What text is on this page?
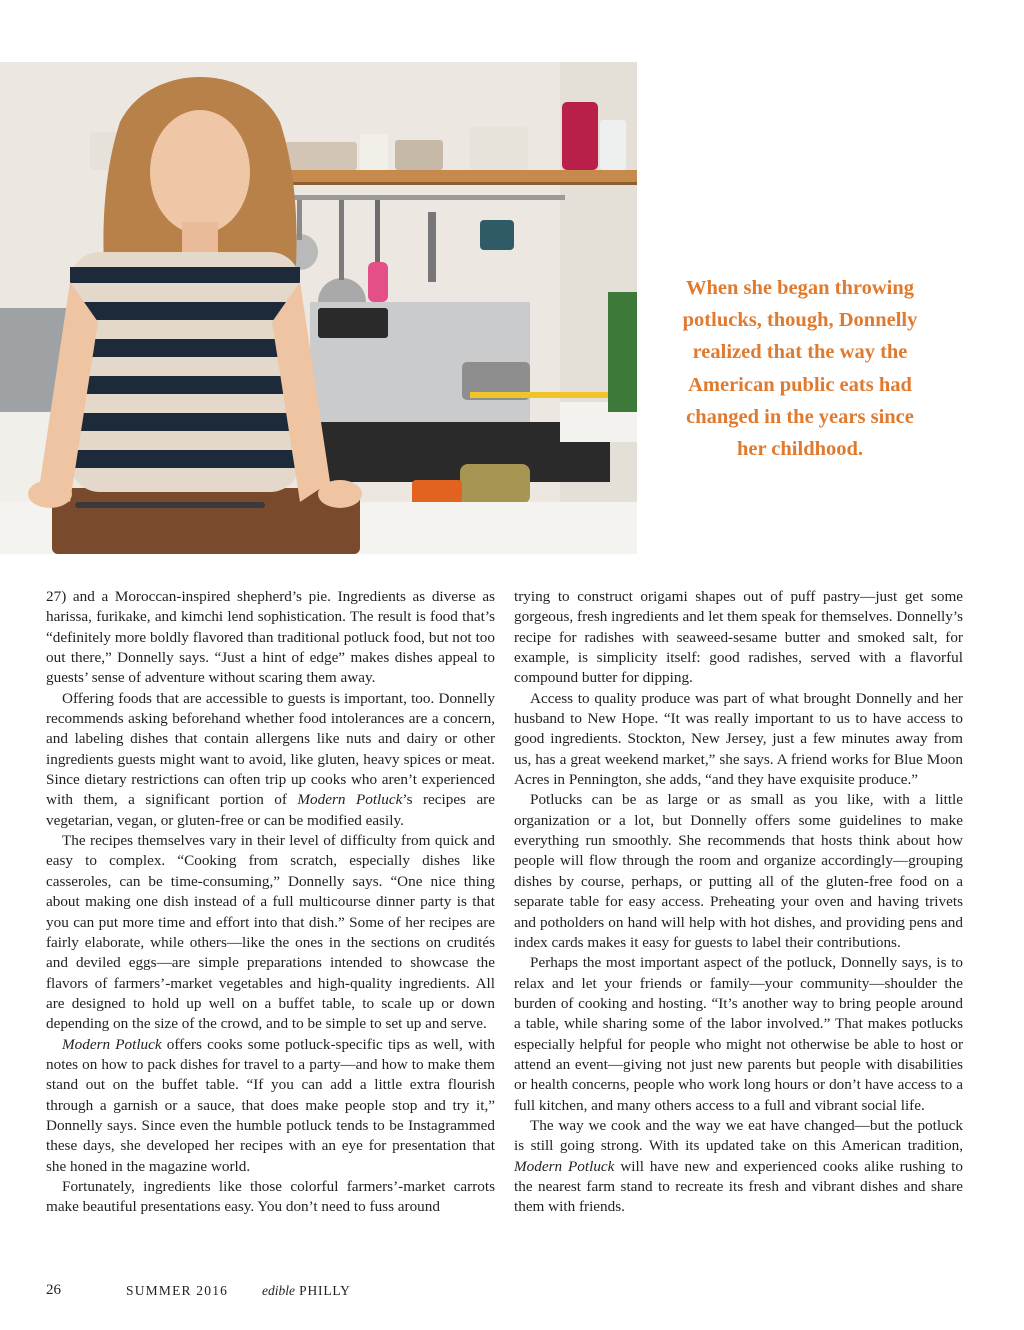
When she began throwing
potlucks, though, Donnelly
realized that the way the
American public eats had
changed in the years since
her childhood.

27) and a Moroccan-inspired shepherd’s pie. Ingredients as diverse as harissa, furikake, and kimchi lend sophistication. The result is food that’s “definitely more boldly flavored than traditional potluck food, but not too out there,” Donnelly says. “Just a hint of edge” makes dishes appeal to guests’ sense of adventure without scaring them away.

Offering foods that are accessible to guests is important, too. Donnelly recommends asking beforehand whether food intolerances are a concern, and labeling dishes that contain allergens like nuts and dairy or other ingredients guests might want to avoid, like gluten, heavy spices or meat. Since dietary restrictions can often trip up cooks who aren’t experienced with them, a significant portion of Modern Potluck’s recipes are vegetarian, vegan, or gluten-free or can be modified easily.

The recipes themselves vary in their level of difficulty from quick and easy to complex. “Cooking from scratch, especially dishes like casseroles, can be time-consuming,” Donnelly says. “One nice thing about making one dish instead of a full multicourse dinner party is that you can put more time and effort into that dish.” Some of her recipes are fairly elaborate, while others—like the ones in the sections on crudités and deviled eggs—are simple preparations intended to showcase the flavors of farmers’-market vegetables and high-quality ingredients. All are designed to hold up well on a buffet table, to scale up or down depending on the size of the crowd, and to be simple to set up and serve.

Modern Potluck offers cooks some potluck-specific tips as well, with notes on how to pack dishes for travel to a party—and how to make them stand out on the buffet table. “If you can add a little extra flourish through a garnish or a sauce, that does make people stop and try it,” Donnelly says. Since even the humble potluck tends to be Instagrammed these days, she developed her recipes with an eye for presentation that she honed in the magazine world.

Fortunately, ingredients like those colorful farmers’-market carrots make beautiful presentations easy. You don’t need to fuss around

trying to construct origami shapes out of puff pastry—just get some gorgeous, fresh ingredients and let them speak for themselves. Donnelly’s recipe for radishes with seaweed-sesame butter and smoked salt, for example, is simplicity itself: good radishes, served with a flavorful compound butter for dipping.

Access to quality produce was part of what brought Donnelly and her husband to New Hope. “It was really important to us to have access to good ingredients. Stockton, New Jersey, just a few minutes away from us, has a great weekend market,” she says. A friend works for Blue Moon Acres in Pennington, she adds, “and they have exquisite produce.”

Potlucks can be as large or as small as you like, with a little organization or a lot, but Donnelly offers some guidelines to make everything run smoothly. She recommends that hosts think about how people will flow through the room and organize accordingly—grouping dishes by course, perhaps, or putting all of the gluten-free food on a separate table for easy access. Preheating your oven and having trivets and potholders on hand will help with hot dishes, and providing pens and index cards makes it easy for guests to label their contributions.

Perhaps the most important aspect of the potluck, Donnelly says, is to relax and let your friends or family—your community—shoulder the burden of cooking and hosting. “It’s another way to bring people around a table, while sharing some of the labor involved.” That makes potlucks especially helpful for people who might not otherwise be able to host or attend an event—giving not just new parents but people with disabilities or health concerns, people who work long hours or don’t have access to a full kitchen, and many others access to a full and vibrant social life.

The way we cook and the way we eat have changed—but the potluck is still going strong. With its updated take on this American tradition, Modern Potluck will have new and experienced cooks alike rushing to the nearest farm stand to recreate its fresh and vibrant dishes and share them with friends.

26	SUMMER 2016	edible PHILLY
